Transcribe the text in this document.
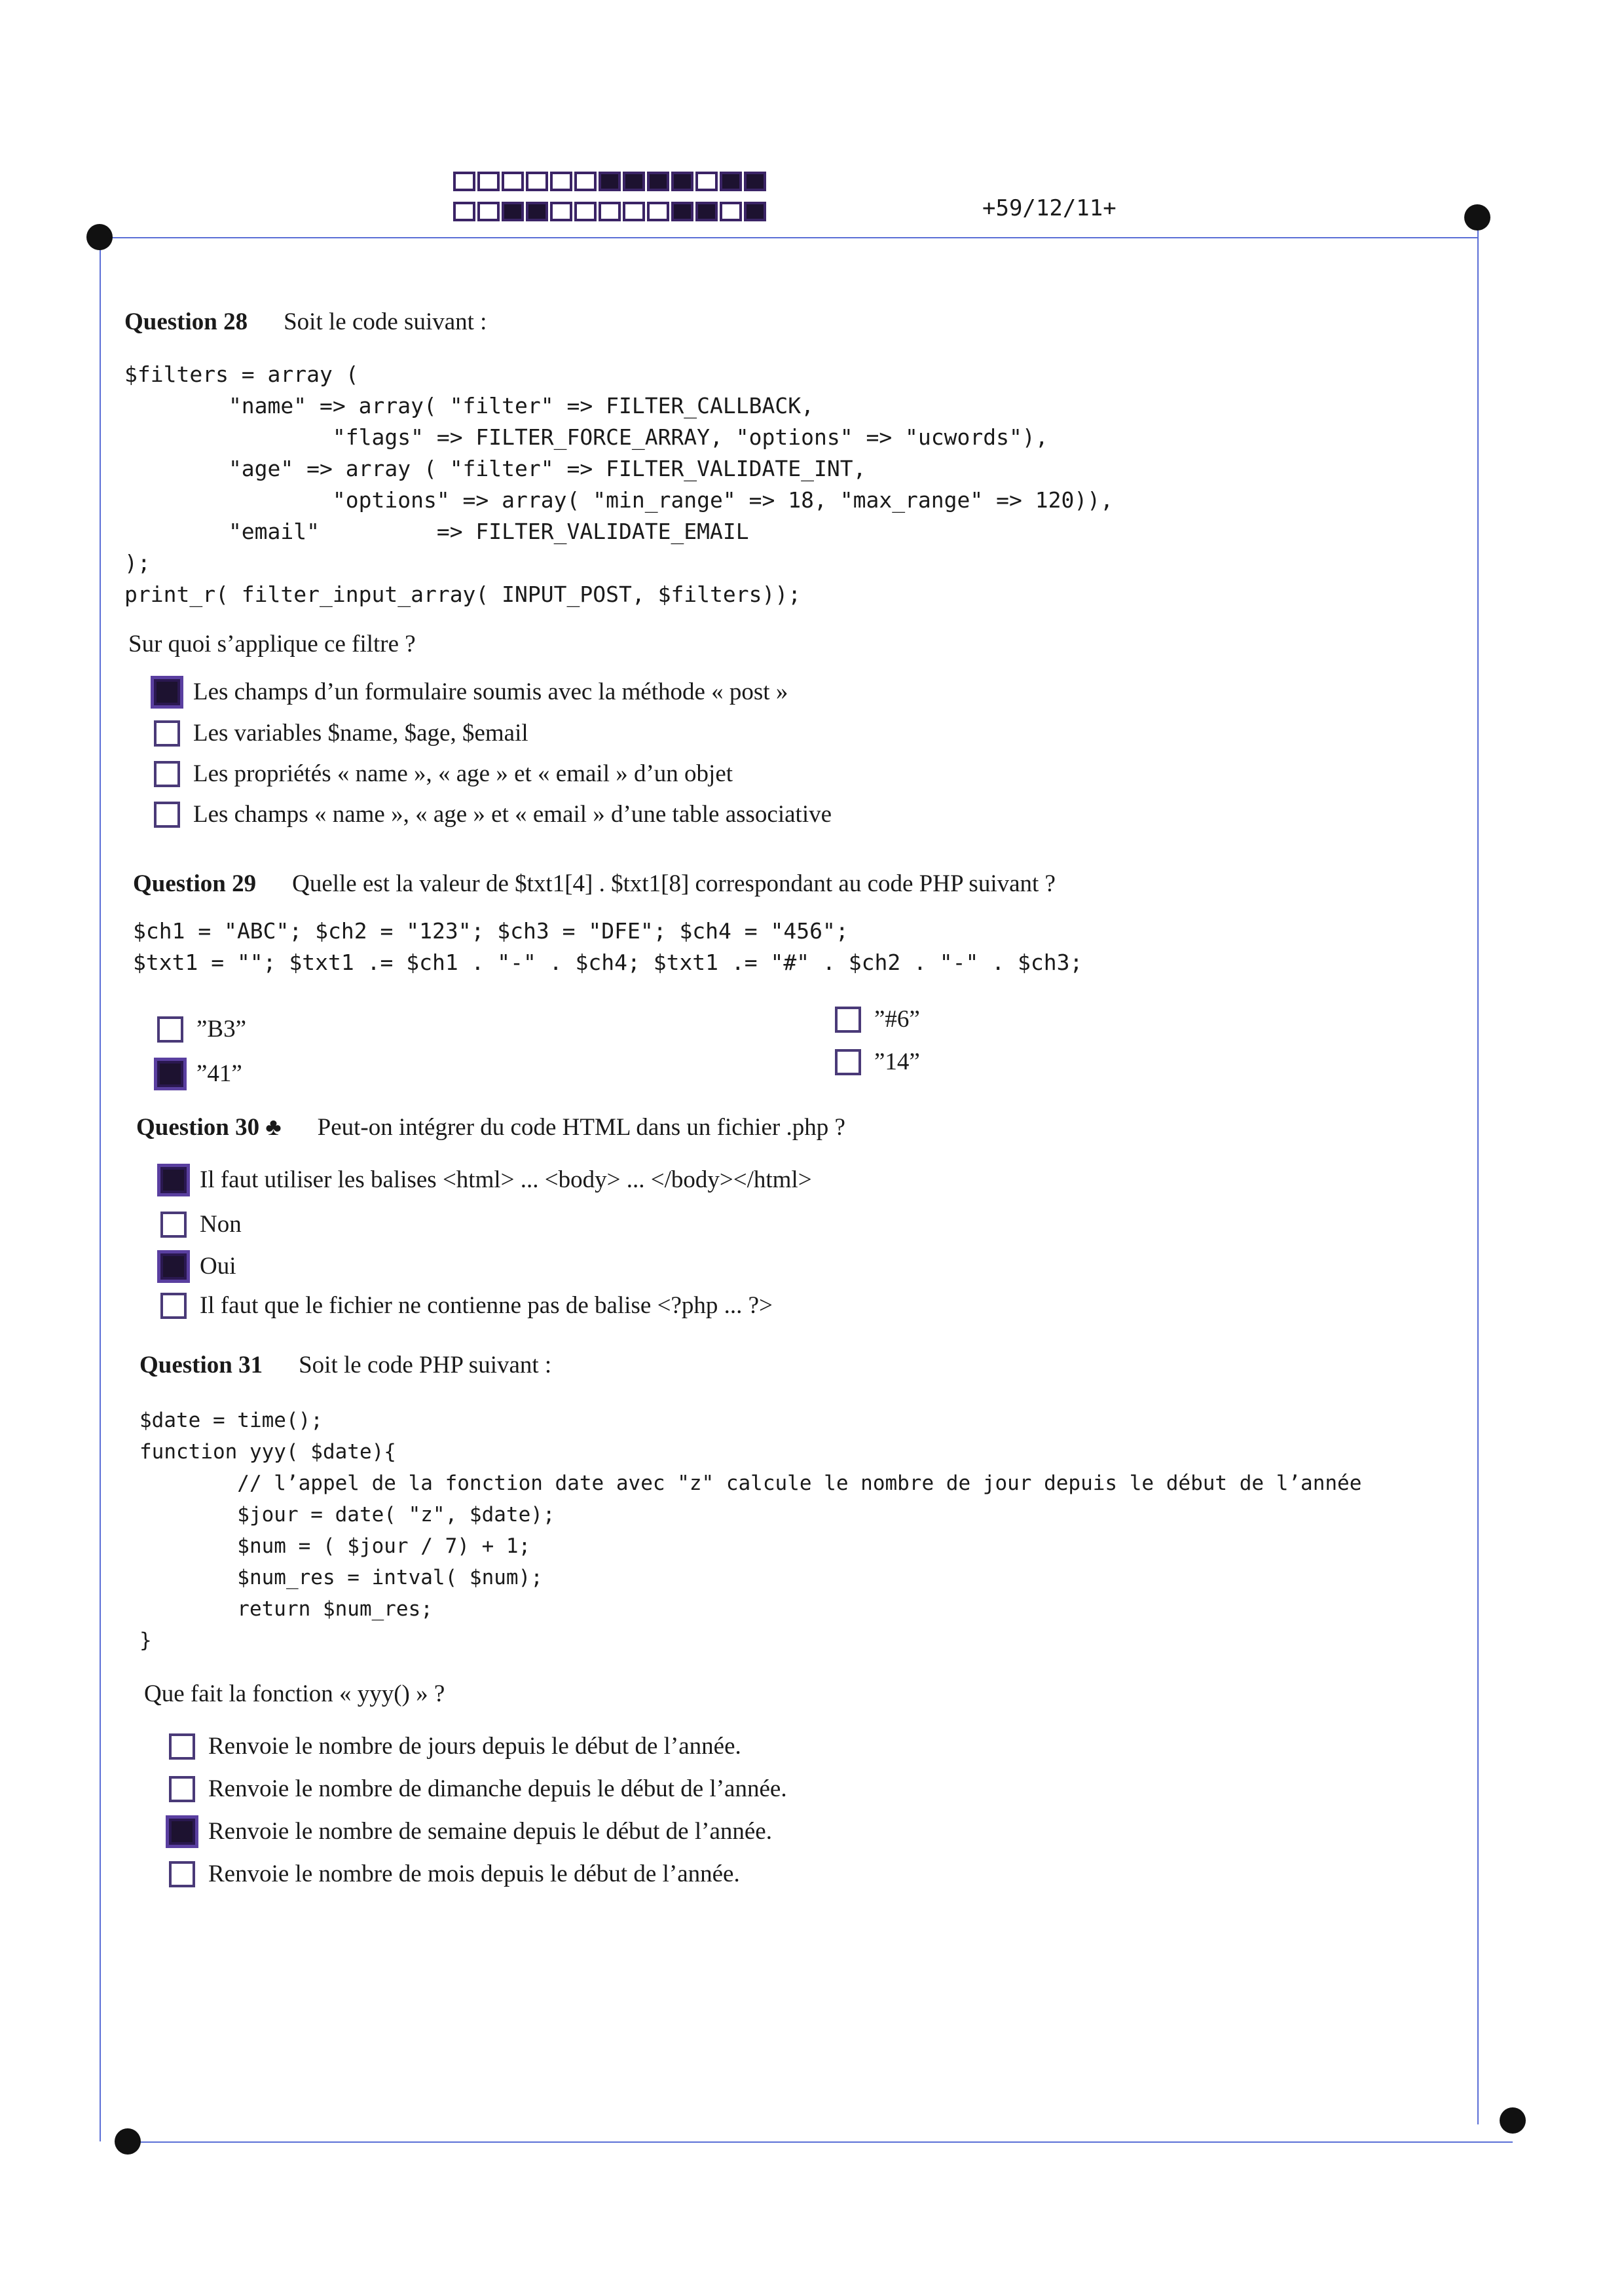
+59/12/11+
Question 28 Soit le code suivant :
$filters = array (
"name" => array( "filter" => FILTER_CALLBACK,
"flags" => FILTER_FORCE_ARRAY, "options" => "ucwords"),
"age" => array ( "filter" => FILTER_VALIDATE_INT,
"options" => array( "min_range" => 18, "max_range" => 120)),
"email"         => FILTER_VALIDATE_EMAIL
);
print_r( filter_input_array( INPUT_POST, $filters));
Sur quoi s’applique ce filtre ?
Les champs d’un formulaire soumis avec la méthode « post »
Les variables $name, $age, $email
Les propriétés « name », « age » et « email » d’un objet
Les champs « name », « age » et « email » d’une table associative
Question 29 Quelle est la valeur de $txt1[4] . $txt1[8] correspondant au code PHP suivant ?
$ch1 = "ABC"; $ch2 = "123"; $ch3 = "DFE"; $ch4 = "456";
$txt1 = ""; $txt1 .= $ch1 . "-" . $ch4; $txt1 .= "#" . $ch2 . "-" . $ch3;
”B3”
”41”
”#6”
”14”
Question 30 ♣ Peut-on intégrer du code HTML dans un fichier .php ?
Il faut utiliser les balises <html> ... <body> ... </body></html>
Non
Oui
Il faut que le fichier ne contienne pas de balise <?php ... ?>
Question 31 Soit le code PHP suivant :
$date = time();
function yyy( $date){
// l’appel de la fonction date avec "z" calcule le nombre de jour depuis le début de l’année
$jour = date( "z", $date);
$num = ( $jour / 7) + 1;
$num_res = intval( $num);
return $num_res;
}
Que fait la fonction « yyy() » ?
Renvoie le nombre de jours depuis le début de l’année.
Renvoie le nombre de dimanche depuis le début de l’année.
Renvoie le nombre de semaine depuis le début de l’année.
Renvoie le nombre de mois depuis le début de l’année.
